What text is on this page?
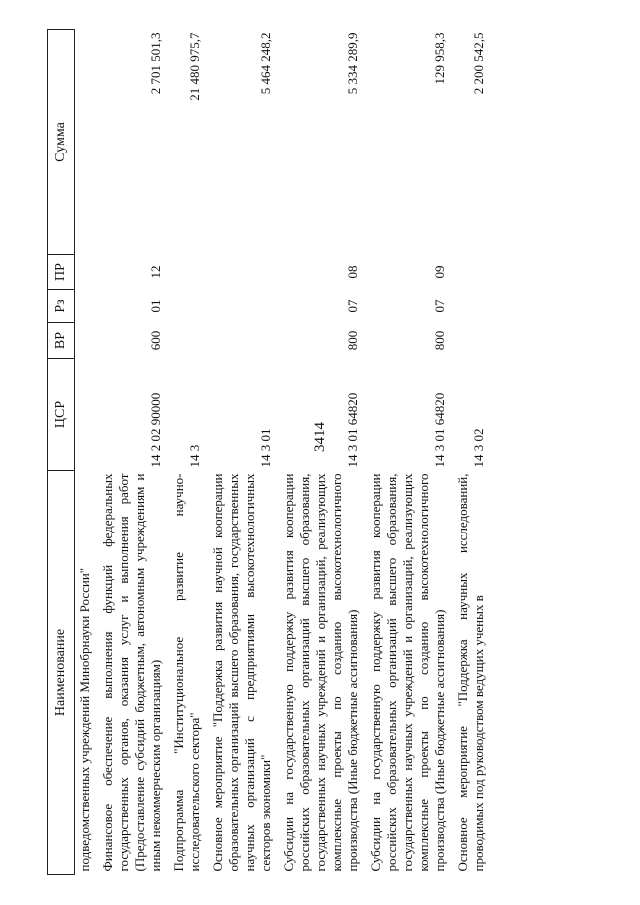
3414
Наименование	ЦСР	ВР	Рз	ПР	Сумма
подведомственных учреждений Минобрнауки России"					
Финансовое обеспечение выполнения функций федеральных государственных органов, оказания услуг и выполнения работ (Предоставление субсидий бюджетным, автономным учреждениям и иным некоммерческим организациям)	14 2 02 90000	600	01	12	2 701 501,3
Подпрограмма "Институциональное развитие научно-исследовательского сектора"	14 3				21 480 975,7
Основное мероприятие "Поддержка развития научной кооперации образовательных организаций высшего образования, государственных научных организаций с предприятиями высокотехнологичных секторов экономики"	14 3 01				5 464 248,2
Субсидии на государственную поддержку развития кооперации российских образовательных организаций высшего образования, государственных научных учреждений и организаций, реализующих комплексные проекты по созданию высокотехнологичного производства (Иные бюджетные ассигнования)	14 3 01 64820	800	07	08	5 334 289,9
Субсидии на государственную поддержку развития кооперации российских образовательных организаций высшего образования, государственных научных учреждений и организаций, реализующих комплексные проекты по созданию высокотехнологичного производства (Иные бюджетные ассигнования)	14 3 01 64820	800	07	09	129 958,3
Основное мероприятие "Поддержка научных исследований, проводимых под руководством ведущих ученых в	14 3 02				2 200 542,5
